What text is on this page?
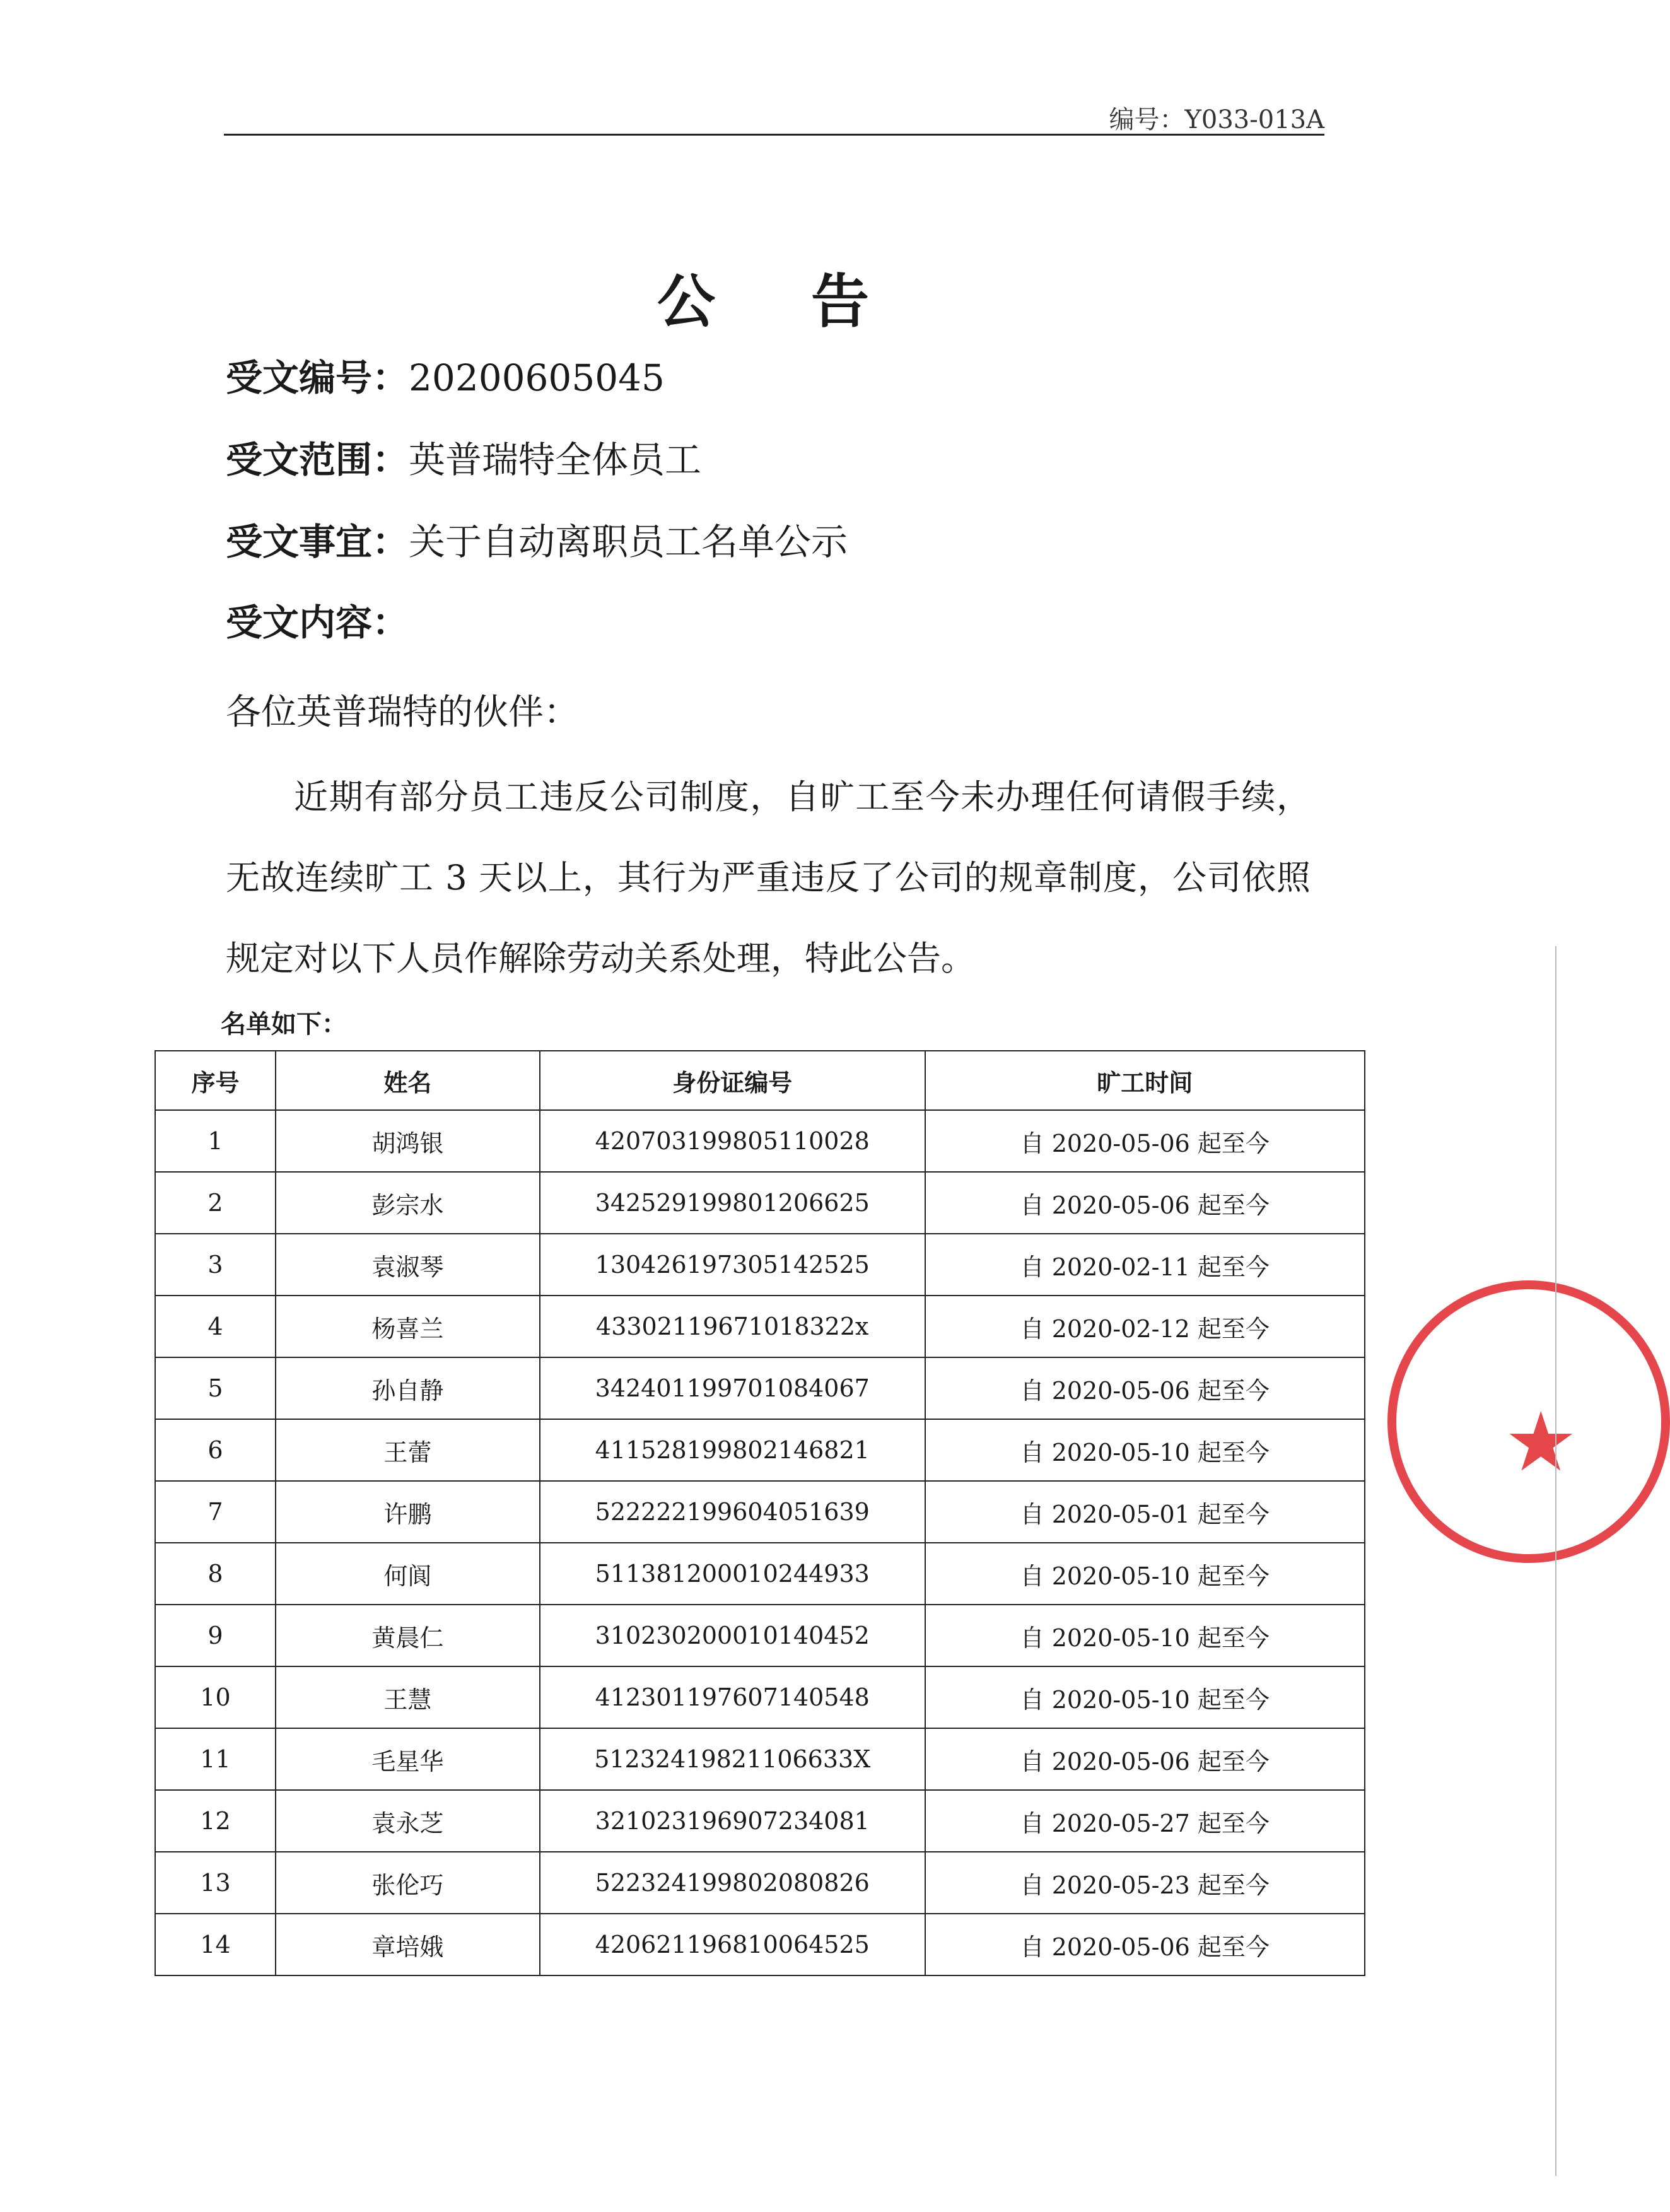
编号：Y033-013A
公 告
受文编号：20200605045
受文范围：英普瑞特全体员工
受文事宜：关于自动离职员工名单公示
受文内容：
各位英普瑞特的伙伴：
近期有部分员工违反公司制度，自旷工至今未办理任何请假手续，无故连续旷工 3 天以上，其行为严重违反了公司的规章制度，公司依照规定对以下人员作解除劳动关系处理，特此公告。
名单如下：
序号	姓名	身份证编号	旷工时间
1	胡鸿银	420703199805110028	自 2020-05-06 起至今
2	彭宗水	342529199801206625	自 2020-05-06 起至今
3	袁淑琴	130426197305142525	自 2020-02-11 起至今
4	杨喜兰	43302119671018322x	自 2020-02-12 起至今
5	孙自静	342401199701084067	自 2020-05-06 起至今
6	王蕾	411528199802146821	自 2020-05-10 起至今
7	许鹏	522222199604051639	自 2020-05-01 起至今
8	何阆	511381200010244933	自 2020-05-10 起至今
9	黄晨仁	310230200010140452	自 2020-05-10 起至今
10	王慧	412301197607140548	自 2020-05-10 起至今
11	毛星华	51232419821106633X	自 2020-05-06 起至今
12	袁永芝	321023196907234081	自 2020-05-27 起至今
13	张伦巧	522324199802080826	自 2020-05-23 起至今
14	章培娥	420621196810064525	自 2020-05-06 起至今
★
